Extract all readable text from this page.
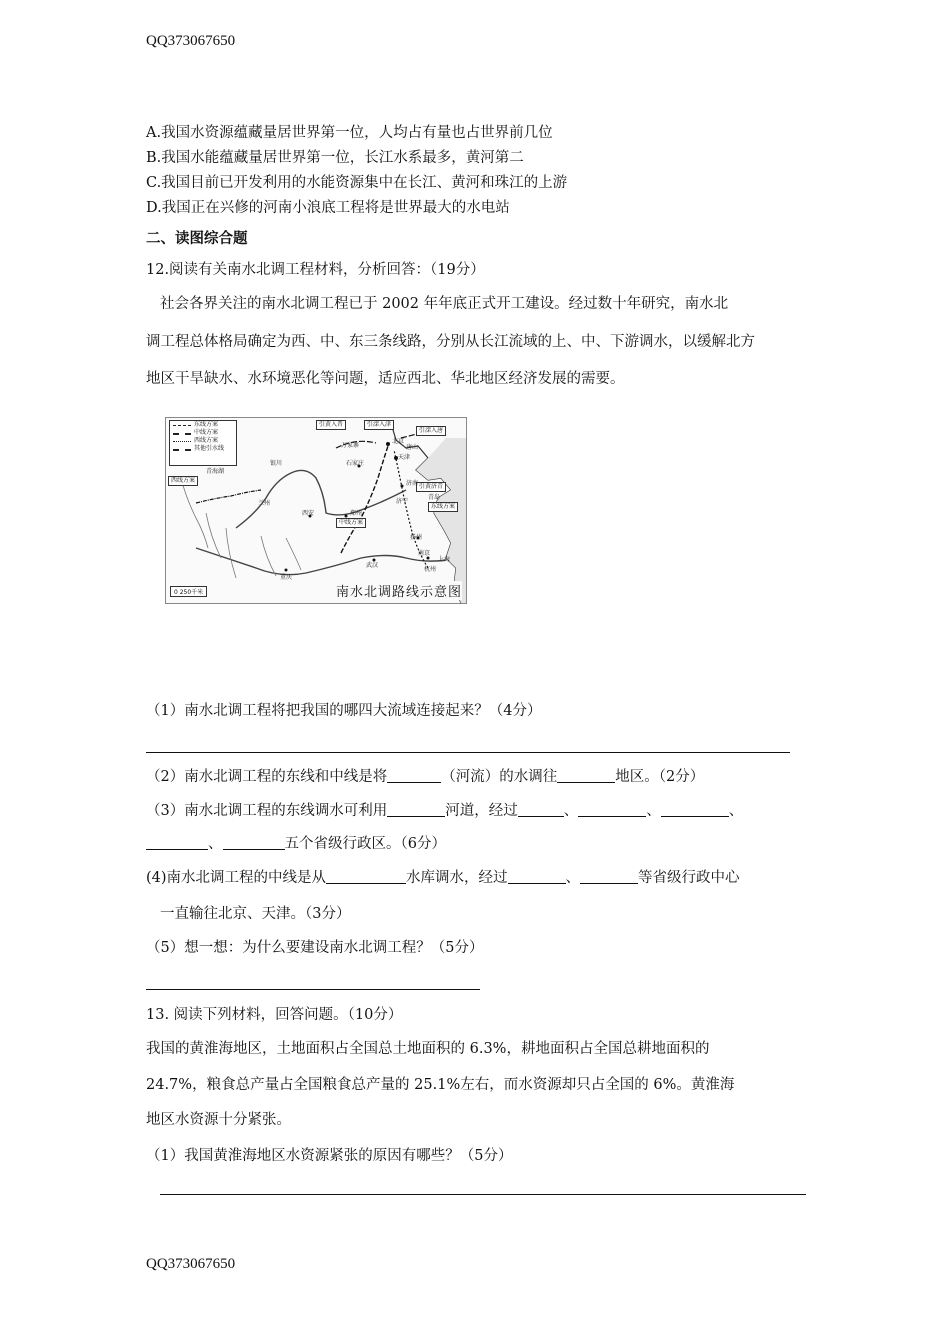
QQ373067650
A.我国水资源蕴藏量居世界第一位，人均占有量也占世界前几位
B.我国水能蕴藏量居世界第一位，长江水系最多，黄河第二
C.我国目前已开发利用的水能资源集中在长江、黄河和珠江的上游
D.我国正在兴修的河南小浪底工程将是世界最大的水电站
二、读图综合题
12.阅读有关南水北调工程材料，分析回答：（19分）
社会各界关注的南水北调工程已于 2002 年年底正式开工建设。经过数十年研究，南水北
调工程总体格局确定为西、中、东三条线路，分别从长江流域的上、中、下游调水，以缓解北方
地区干旱缺水、水环境恶化等问题，适应西北、华北地区经济发展的需要。
东线方案
中线方案
西线方案
其他引水线
引黄入晋	引滦入津
引滦入唐
引黄济青
东线方案
中线方案
西线方案
北京
天津
唐山
万家寨
石家庄
银川
兰州
西安	郑州
济南
济宁
青岛
扬州
南京
上海
杭州
武汉
重庆
青海湖
0 250千米	南水北调路线示意图
（1）南水北调工程将把我国的哪四大流域连接起来？（4分）
（2）南水北调工程的东线和中线是将	（河流）的水调往	地区。（2分）
（3）南水北调工程的东线调水可利用	河道，经过	、	、	、
、	五个省级行政区。（6分）
(4)南水北调工程的中线是从	水库调水，经过	、	等省级行政中心
一直输往北京、天津。（3分）
（5）想一想：为什么要建设南水北调工程？（5分）
13. 阅读下列材料，回答问题。（10分）
我国的黄淮海地区，土地面积占全国总土地面积的 6.3%，耕地面积占全国总耕地面积的
24.7%，粮食总产量占全国粮食总产量的 25.1%左右，而水资源却只占全国的 6%。黄淮海
地区水资源十分紧张。
（1）我国黄淮海地区水资源紧张的原因有哪些？（5分）
QQ373067650
